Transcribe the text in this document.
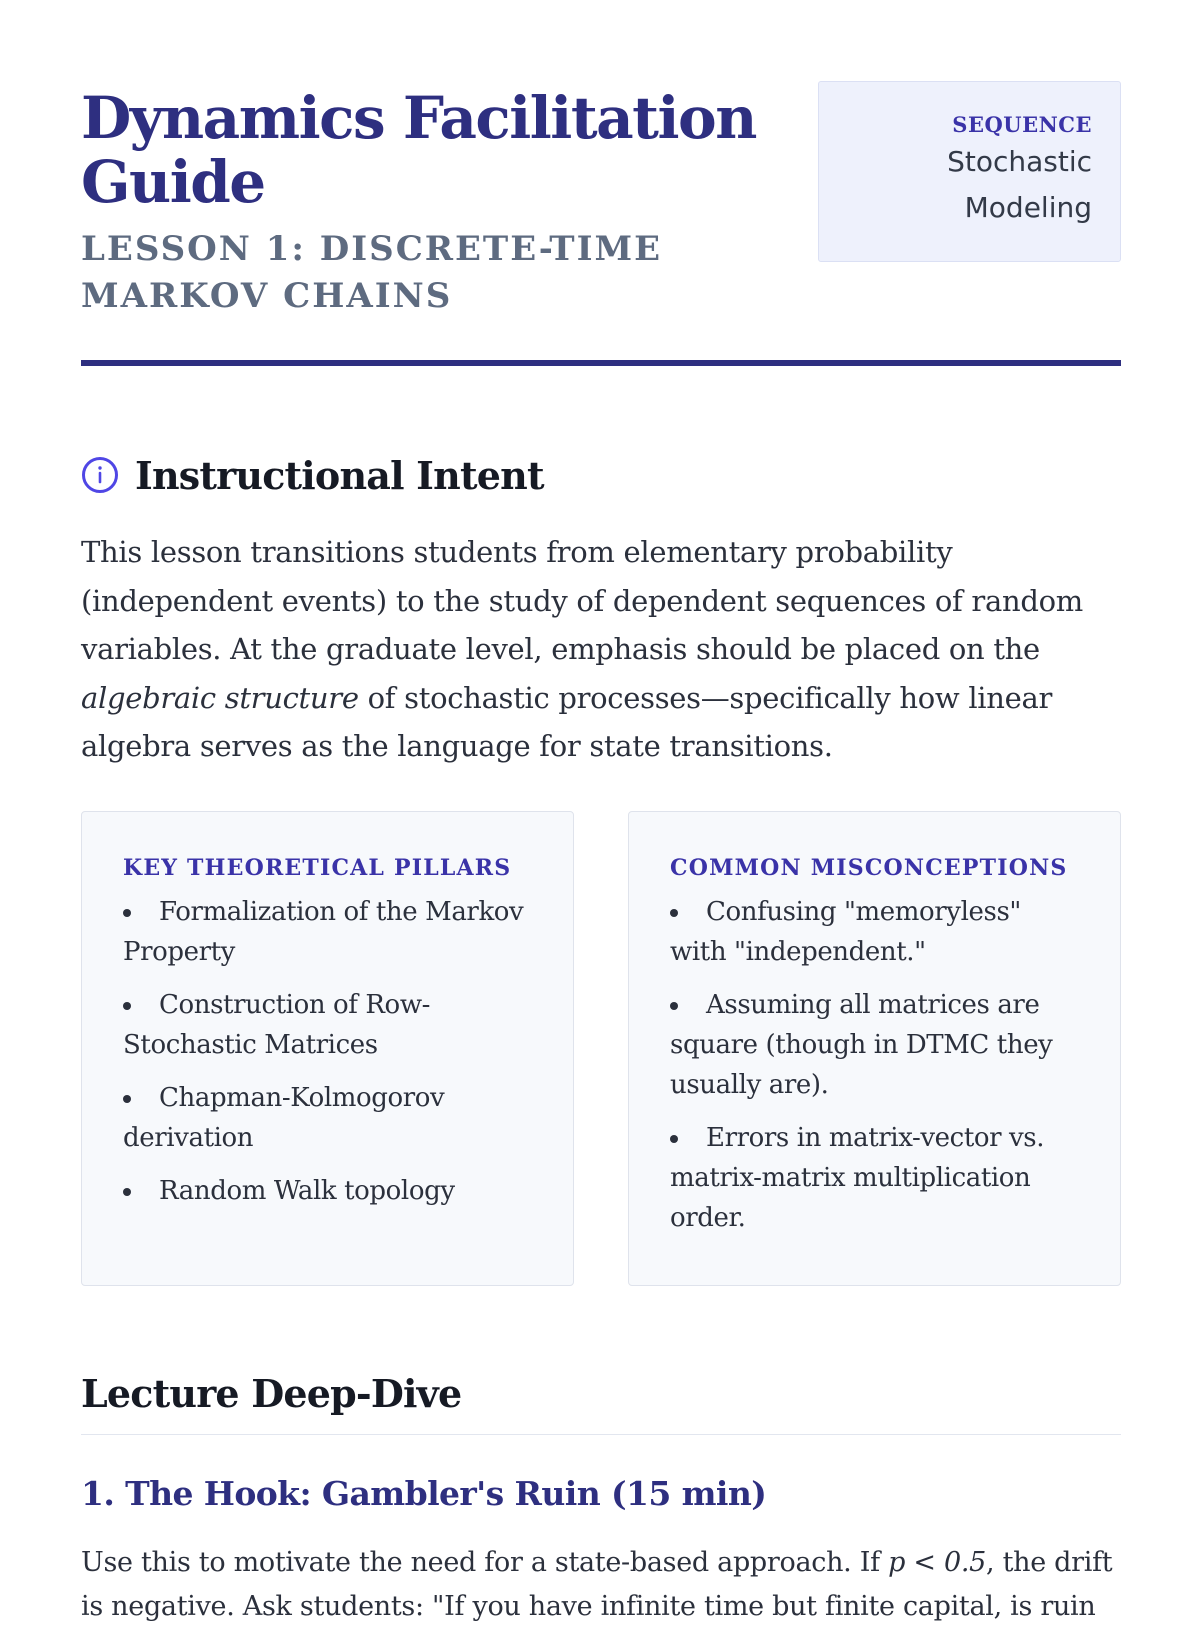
Dynamics Facilitation Guide
LESSON 1: DISCRETE-TIME MARKOV CHAINS
SEQUENCE
Stochastic Modeling
Instructional Intent

This lesson transitions students from elementary probability (independent events) to the study of dependent sequences of random variables. At the graduate level, emphasis should be placed on the algebraic structure of stochastic processes—specifically how linear algebra serves as the language for state transitions.

KEY THEORETICAL PILLARS
Formalization of the Markov Property
Construction of Row-Stochastic Matrices
Chapman-Kolmogorov derivation
Random Walk topology
COMMON MISCONCEPTIONS
Confusing "memoryless" with "independent."
Assuming all matrices are square (though in DTMC they usually are).
Errors in matrix-vector vs. matrix-matrix multiplication order.
Lecture Deep-Dive
1. The Hook: Gambler's Ruin (15 min)

Use this to motivate the need for a state-based approach. If p < 0.5, the drift is negative. Ask students: "If you have infinite time but finite capital, is ruin
